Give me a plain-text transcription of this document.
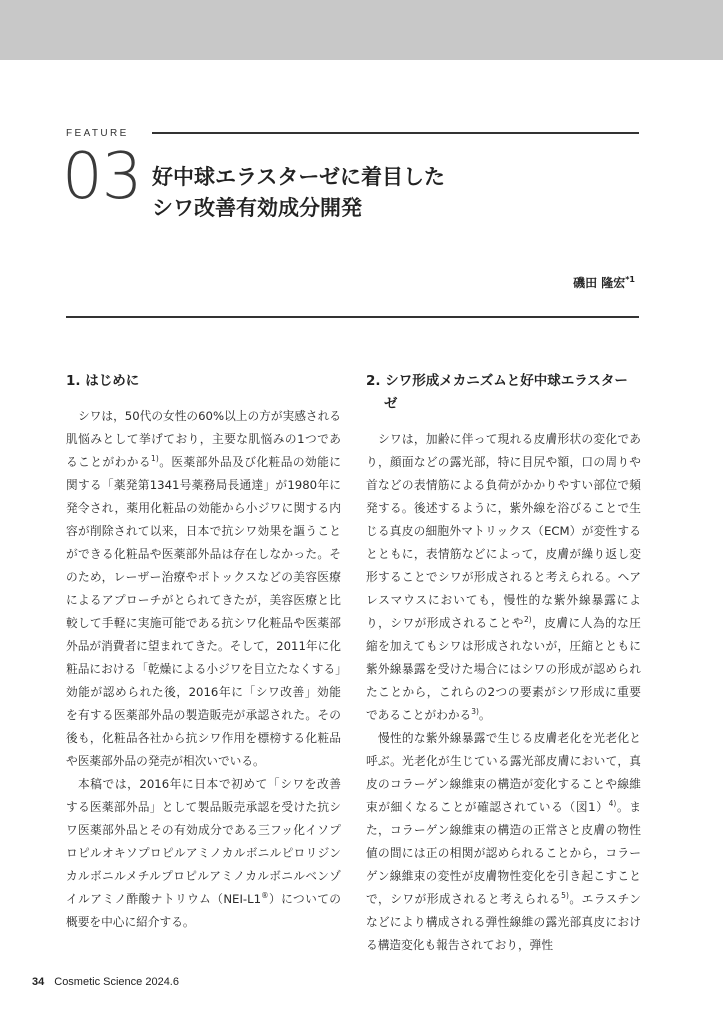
FEATURE
03 好中球エラスターゼに着目した
シワ改善有効成分開発
磯田 隆宏$^{*1}$
1. はじめに

シワは，50代の女性の60%以上の方が実感される肌悩みとして挙げており，主要な肌悩みの1つであることがわかる$^{1)}$。医薬部外品及び化粧品の効能に関する「薬発第1341号薬務局長通達」が1980年に発令され，薬用化粧品の効能から小ジワに関する内容が削除されて以来，日本で抗シワ効果を謳うことができる化粧品や医薬部外品は存在しなかった。そのため，レーザー治療やボトックスなどの美容医療によるアプローチがとられてきたが，美容医療と比較して手軽に実施可能である抗シワ化粧品や医薬部外品が消費者に望まれてきた。そして，2011年に化粧品における「乾燥による小ジワを目立たなくする」効能が認められた後，2016年に「シワ改善」効能を有する医薬部外品の製造販売が承認された。その後も，化粧品各社から抗シワ作用を標榜する化粧品や医薬部外品の発売が相次いでいる。

本稿では，2016年に日本で初めて「シワを改善する医薬部外品」として製品販売承認を受けた抗シワ医薬部外品とその有効成分である三フッ化イソプロピルオキソプロピルアミノカルボニルピロリジンカルボニルメチルプロピルアミノカルボニルベンゾイルアミノ酢酸ナトリウム（NEI-L1®）についての概要を中心に紹介する。

2. シワ形成メカニズムと好中球エラスターゼ

シワは，加齢に伴って現れる皮膚形状の変化であり，顔面などの露光部，特に目尻や額，口の周りや首などの表情筋による負荷がかかりやすい部位で頻発する。後述するように，紫外線を浴びることで生じる真皮の細胞外マトリックス（ECM）が変性するとともに，表情筋などによって，皮膚が繰り返し変形することでシワが形成されると考えられる。ヘアレスマウスにおいても，慢性的な紫外線暴露により，シワが形成されることや$^{2)}$，皮膚に人為的な圧縮を加えてもシワは形成されないが，圧縮とともに紫外線暴露を受けた場合にはシワの形成が認められたことから，これらの2つの要素がシワ形成に重要であることがわかる$^{3)}$。

慢性的な紫外線暴露で生じる皮膚老化を光老化と呼ぶ。光老化が生じている露光部皮膚において，真皮のコラーゲン線維束の構造が変化することや線維束が細くなることが確認されている（図1）$^{4)}$。また，コラーゲン線維束の構造の正常さと皮膚の物性値の間には正の相関が認められることから，コラーゲン線維束の変性が皮膚物性変化を引き起こすことで，シワが形成されると考えられる$^{5)}$。エラスチンなどにより構成される弾性線維の露光部真皮における構造変化も報告されており，弾性

34 Cosmetic Science 2024.6
